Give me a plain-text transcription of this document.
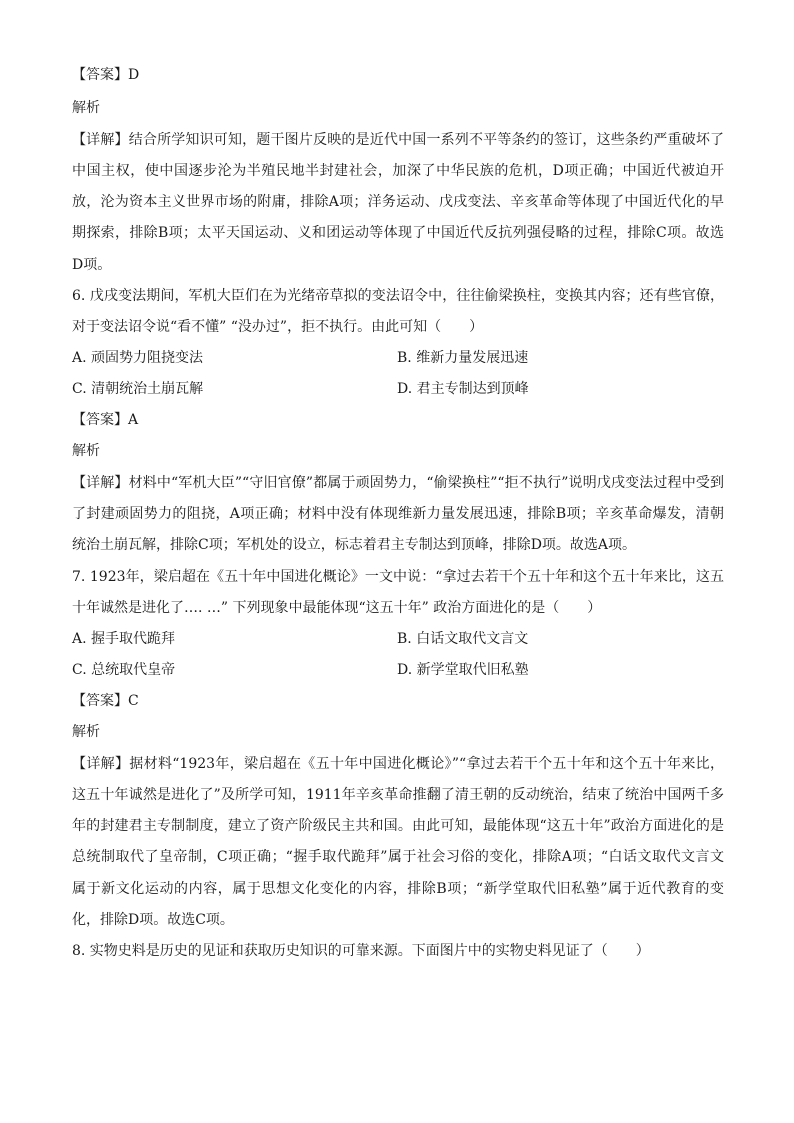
【答案】D
解析
【详解】结合所学知识可知，题干图片反映的是近代中国一系列不平等条约的签订，这些条约严重破坏了
中国主权，使中国逐步沦为半殖民地半封建社会，加深了中华民族的危机，D项正确；中国近代被迫开
放，沦为资本主义世界市场的附庸，排除A项；洋务运动、戊戌变法、辛亥革命等体现了中国近代化的早
期探索，排除B项；太平天国运动、义和团运动等体现了中国近代反抗列强侵略的过程，排除C项。故选
D项。
6. 戊戌变法期间，军机大臣们在为光绪帝草拟的变法诏令中，往往偷梁换柱，变换其内容；还有些官僚，
对于变法诏令说“看不懂” “没办过”，拒不执行。由此可知（　　）
A. 顽固势力阻挠变法	B. 维新力量发展迅速
C. 清朝统治土崩瓦解	D. 君主专制达到顶峰
【答案】A
解析
【详解】材料中“军机大臣”“守旧官僚”都属于顽固势力，“偷梁换柱”“拒不执行”说明戊戌变法过程中受到
了封建顽固势力的阻挠，A项正确；材料中没有体现维新力量发展迅速，排除B项；辛亥革命爆发，清朝
统治土崩瓦解，排除C项；军机处的设立，标志着君主专制达到顶峰，排除D项。故选A项。
7. 1923年，梁启超在《五十年中国进化概论》一文中说：“拿过去若干个五十年和这个五十年来比，这五
十年诚然是进化了…. …” 下列现象中最能体现“这五十年” 政治方面进化的是（　　）
A. 握手取代跪拜	B. 白话文取代文言文
C. 总统取代皇帝	D. 新学堂取代旧私塾
【答案】C
解析
【详解】据材料“1923年，梁启超在《五十年中国进化概论》”“拿过去若干个五十年和这个五十年来比，
这五十年诚然是进化了”及所学可知，1911年辛亥革命推翻了清王朝的反动统治，结束了统治中国两千多
年的封建君主专制制度，建立了资产阶级民主共和国。由此可知，最能体现“这五十年”政治方面进化的是
总统制取代了皇帝制，C项正确；“握手取代跪拜”属于社会习俗的变化，排除A项；“白话文取代文言文
属于新文化运动的内容，属于思想文化变化的内容，排除B项；“新学堂取代旧私塾”属于近代教育的变
化，排除D项。故选C项。
8. 实物史料是历史的见证和获取历史知识的可靠来源。下面图片中的实物史料见证了（　　）
